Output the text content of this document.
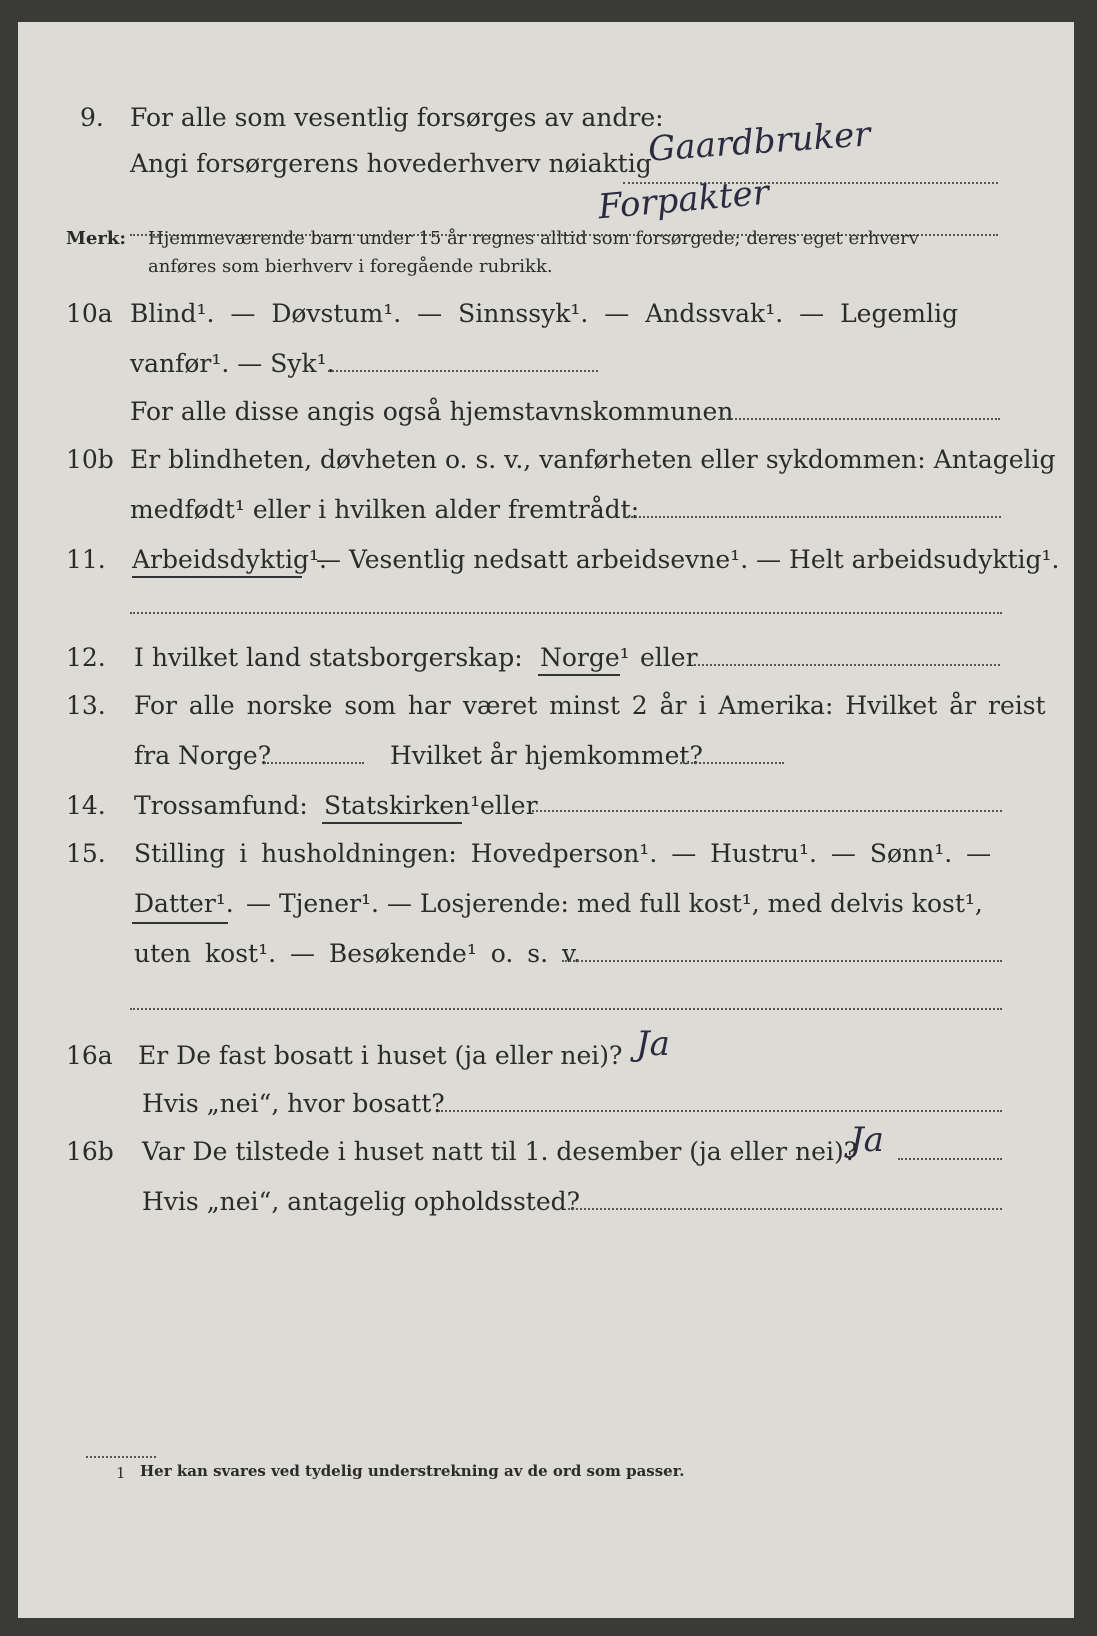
9.	For alle som vesentlig forsørges av andre:
Angi forsørgerens hovederhverv nøiaktig
Gaardbruker
Forpakter
Merk: Hjemmeværende barn under 15 år regnes alltid som forsørgede; deres eget erhverv
anføres som bierhverv i foregående rubrikk.
10a Blind¹. — Døvstum¹. — Sinnssyk¹. — Andssvak¹. — Legemlig
vanfør¹. — Syk¹.
For alle disse angis også hjemstavnskommunen
10b Er blindheten, døvheten o. s. v., vanførheten eller sykdommen: Antagelig
medfødt¹ eller i hvilken alder fremtrådt:
11.	Arbeidsdyktig¹.
— Vesentlig nedsatt arbeidsevne¹. — Helt arbeidsudyktig¹.
12.	I hvilket land statsborgerskap: Norge¹ eller
13.	For alle norske som har været minst 2 år i Amerika: Hvilket år reist
fra Norge?	Hvilket år hjemkommet?
14.	Trossamfund: Statskirken¹ eller
15.	Stilling i husholdningen: Hovedperson¹. — Hustru¹. — Sønn¹. —
Datter¹. — Tjener¹. — Losjerende: med full kost¹, med delvis kost¹,
uten kost¹. — Besøkende¹ o. s. v.
16a	Er De fast bosatt i huset (ja eller nei)? Ja
Hvis „nei“, hvor bosatt?
16b	Var De tilstede i huset natt til 1. desember (ja eller nei)?
Ja
Hvis „nei“, antagelig opholdssted?
1 Her kan svares ved tydelig understrekning av de ord som passer.
